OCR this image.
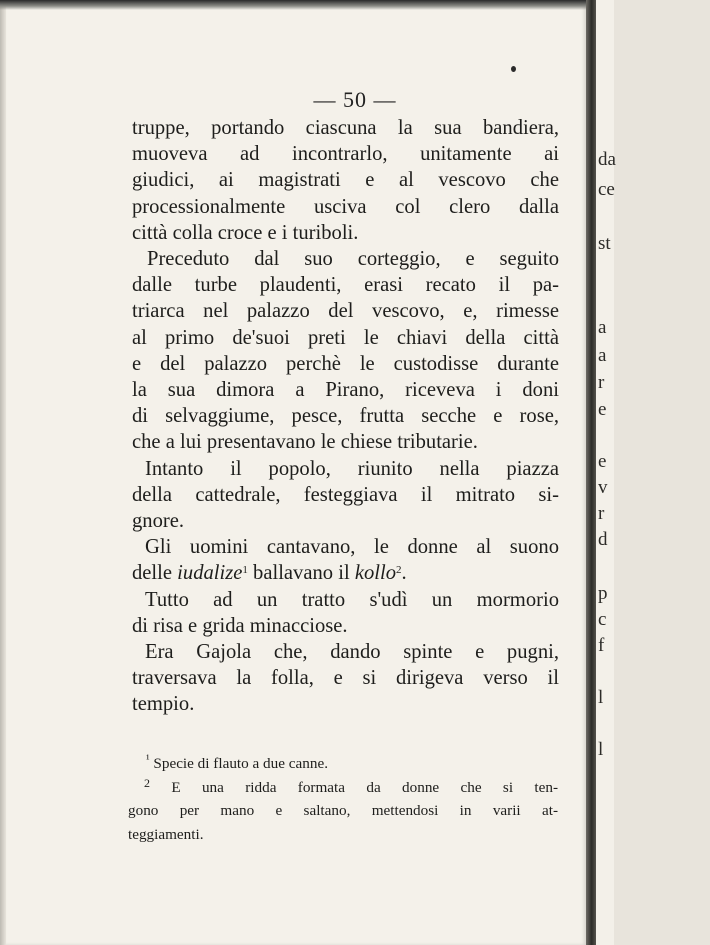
da
ce
st
a
a
r
e
e
v
r
d
p
c
f
l
l
— 50 —
truppe, portando ciascuna la sua bandiera,
muoveva ad incontrarlo, unitamente ai
giudici, ai magistrati e al vescovo che
processionalmente usciva col clero dalla
città colla croce e i turiboli.
Preceduto dal suo corteggio, e seguito
dalle turbe plaudenti, erasi recato il pa-
triarca nel palazzo del vescovo, e, rimesse
al primo de'suoi preti le chiavi della città
e del palazzo perchè le custodisse durante
la sua dimora a Pirano, riceveva i doni
di selvaggiume, pesce, frutta secche e rose,
che a lui presentavano le chiese tributarie.
Intanto il popolo, riunito nella piazza
della cattedrale, festeggiava il mitrato si-
gnore.
Gli uomini cantavano, le donne al suono
delle iudalize$^1$ ballavano il kollo$^2$.
Tutto ad un tratto s'udì un mormorio
di risa e grida minacciose.
Era Gajola che, dando spinte e pugni,
traversava la folla, e si dirigeva verso il
tempio.
$^{^1}$ Specie di flauto a due canne.
$^2$ E una ridda formata da donne che si ten-
gono per mano e saltano, mettendosi in varii at-
teggiamenti.
